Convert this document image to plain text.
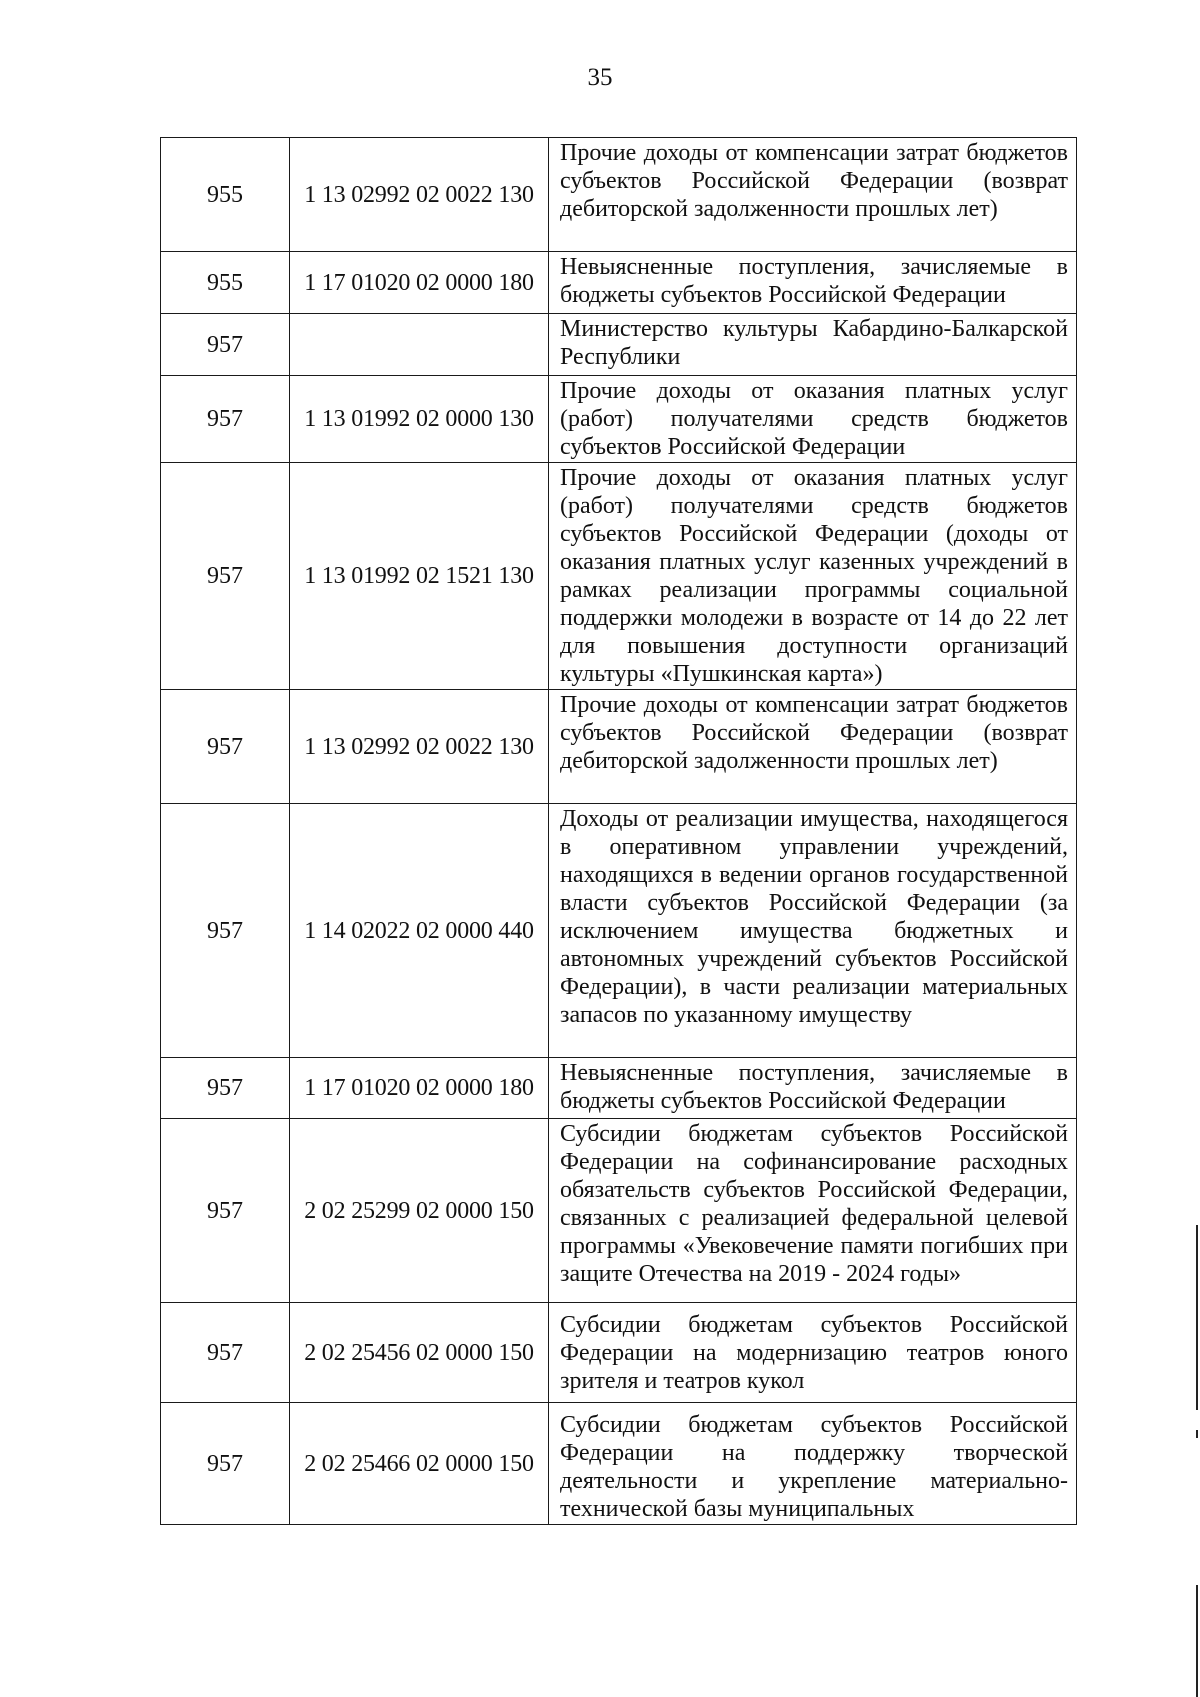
35
955	1 13 02992 02 0022 130	Прочие доходы от компенсации затрат бюджетов субъектов Российской Федерации (возврат дебиторской задолженности прошлых лет)
955	1 17 01020 02 0000 180	Невыясненные поступления, зачисляемые в бюджеты субъектов Российской Федерации
957		Министерство культуры Кабардино-Балкарской Республики
957	1 13 01992 02 0000 130	Прочие доходы от оказания платных услуг (работ) получателями средств бюджетов субъектов Российской Федерации
957	1 13 01992 02 1521 130	Прочие доходы от оказания платных услуг (работ) получателями средств бюджетов субъектов Российской Федерации (доходы от оказания платных услуг казенных учреждений в рамках реализации программы социальной поддержки молодежи в возрасте от 14 до 22 лет для повышения доступности организаций культуры «Пушкинская карта»)
957	1 13 02992 02 0022 130	Прочие доходы от компенсации затрат бюджетов субъектов Российской Федерации (возврат дебиторской задолженности прошлых лет)
957	1 14 02022 02 0000 440	Доходы от реализации имущества, находящегося в оперативном управлении учреждений, находящихся в ведении органов государственной власти субъектов Российской Федерации (за исключением имущества бюджетных и автономных учреждений субъектов Российской Федерации), в части реализации материальных запасов по указанному имуществу
957	1 17 01020 02 0000 180	Невыясненные поступления, зачисляемые в бюджеты субъектов Российской Федерации
957	2 02 25299 02 0000 150	Субсидии бюджетам субъектов Российской Федерации на софинансирование расходных обязательств субъектов Российской Федерации, связанных с реализацией федеральной целевой программы «Увековечение памяти погибших при защите Отечества на 2019 - 2024 годы»
957	2 02 25456 02 0000 150	Субсидии бюджетам субъектов Российской Федерации на модернизацию театров юного зрителя и театров кукол
957	2 02 25466 02 0000 150	Субсидии бюджетам субъектов Российской Федерации на поддержку творческой деятельности и укрепление материально-технической базы муниципальных
